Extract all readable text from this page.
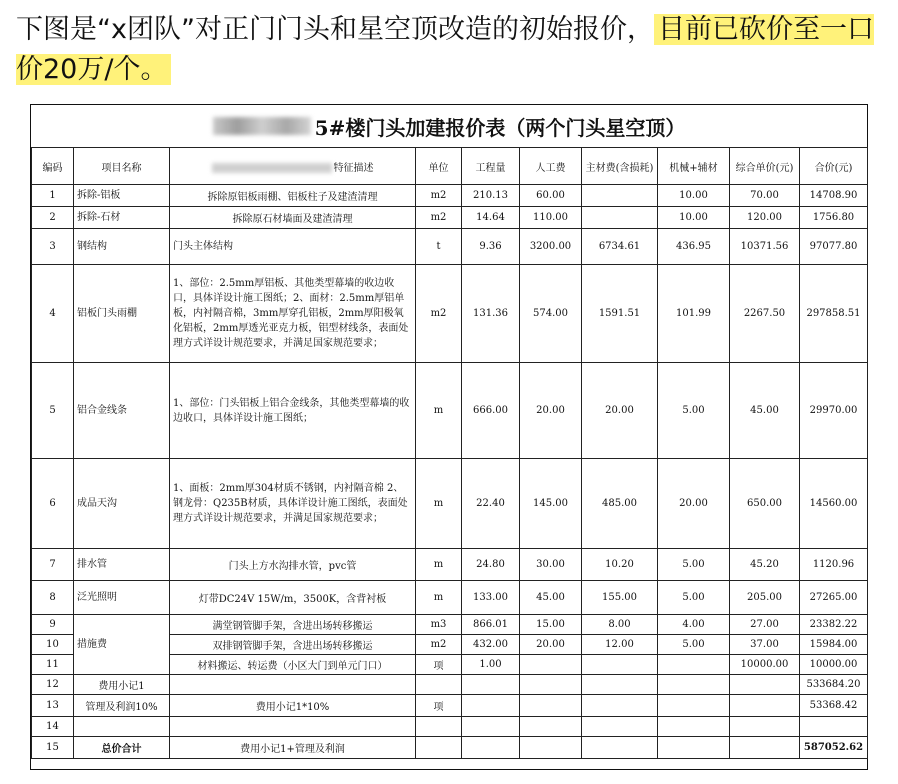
下图是“x团队”对正门门头和星空顶改造的初始报价， 目前已砍价至一口价20万/个。
5#楼门头加建报价表（两个门头星空顶）
编码	项目名称	特征描述	单位	工程量	人工费	主材费(含损耗)	机械+辅材	综合单价(元)	合价(元)
1	拆除-铝板	拆除原铝板雨棚、铝板柱子及建渣清理	m2	210.13	60.00		10.00	70.00	14708.90
2	拆除-石材	拆除原石材墙面及建渣清理	m2	14.64	110.00		10.00	120.00	1756.80
3	钢结构	门头主体结构	t	9.36	3200.00	6734.61	436.95	10371.56	97077.80
4	铝板门头雨棚	1、部位：2.5mm厚铝板、其他类型幕墙的收边收口，具体详设计施工图纸；2、面材：2.5mm厚铝单板，内衬隔音棉，3mm厚穿孔铝板，2mm厚阳极氧化铝板，2mm厚透光亚克力板，铝型材线条，表面处理方式详设计规范要求，并满足国家规范要求；	m2	131.36	574.00	1591.51	101.99	2267.50	297858.51
5	铝合金线条	1、部位：门头铝板上铝合金线条，其他类型幕墙的收边收口，具体详设计施工图纸；	m	666.00	20.00	20.00	5.00	45.00	29970.00
6	成品天沟	1、面板：2mm厚304材质不锈钢，内衬隔音棉 2、钢龙骨：Q235B材质，具体详设计施工图纸，表面处理方式详设计规范要求，并满足国家规范要求；	m	22.40	145.00	485.00	20.00	650.00	14560.00
7	排水管	门头上方水沟排水管，pvc管	m	24.80	30.00	10.20	5.00	45.20	1120.96
8	泛光照明	灯带DC24V 15W/m，3500K，含背衬板	m	133.00	45.00	155.00	5.00	205.00	27265.00
9	措施费	满堂钢管脚手架，含进出场转移搬运	m3	866.01	15.00	8.00	4.00	27.00	23382.22
10		双排钢管脚手架，含进出场转移搬运	m2	432.00	20.00	12.00	5.00	37.00	15984.00
11		材料搬运、转运费（小区大门到单元门口）	项	1.00				10000.00	10000.00
12	费用小记1								533684.20
13	管理及利润10%	费用小记1*10%	项						53368.42
14									
15	总价合计	费用小记1+管理及利润							587052.62
